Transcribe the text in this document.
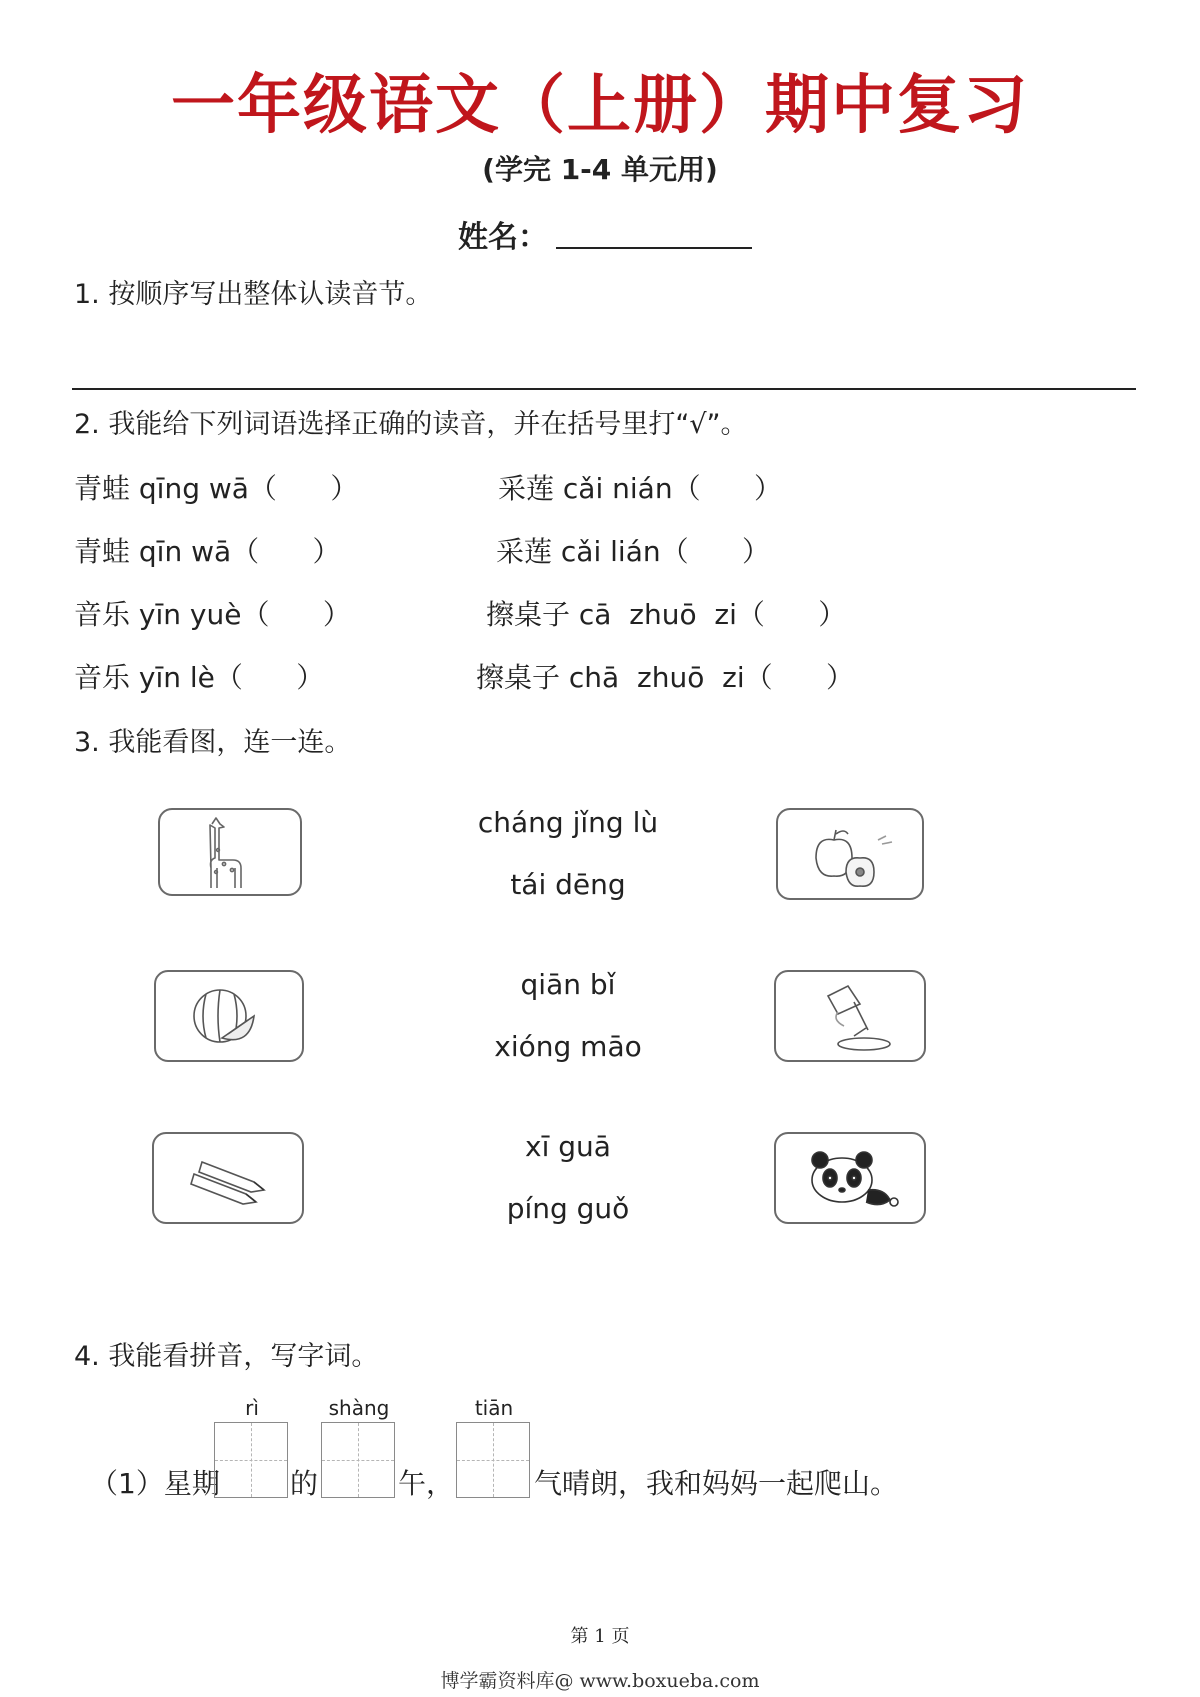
一年级语文（上册）期中复习
(学完 1-4 单元用)
姓名：
1. 按顺序写出整体认读音节。
2. 我能给下列词语选择正确的读音，并在括号里打“√”。
青蛙 qīng wā（      ）
青蛙 qīn wā（      ）
音乐 yīn yuè（      ）
音乐 yīn lè（      ）
采莲 cǎi nián（      ）
采莲 cǎi lián（      ）
擦桌子 cā  zhuō  zi（      ）
擦桌子 chā  zhuō  zi（      ）
3. 我能看图，连一连。
cháng jǐng lù
tái dēng
qiān bǐ
xióng māo
xī guā
píng guǒ
4. 我能看拼音，写字词。
rì	shàng	tiān
（1）星期	的	午，	气晴朗，我和妈妈一起爬山。
第 1 页
博学霸资料库@ www.boxueba.com
